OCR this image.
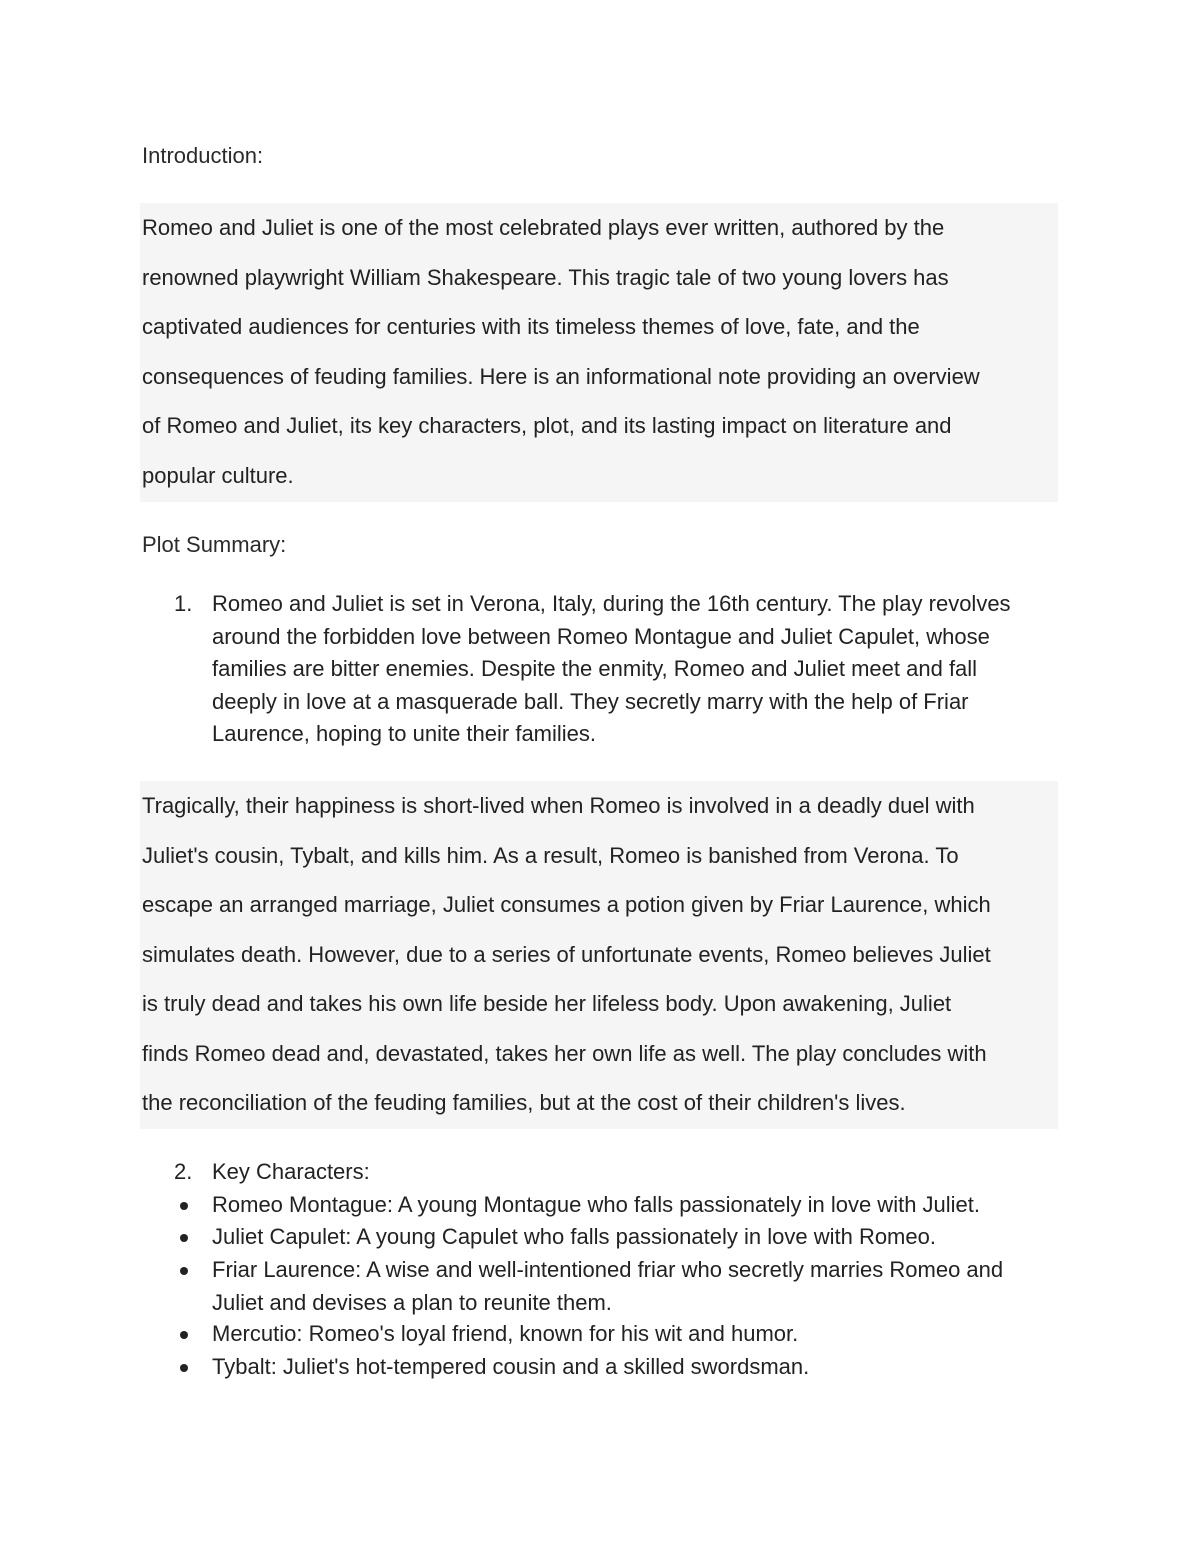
Introduction:

Romeo and Juliet is one of the most celebrated plays ever written, authored by the

renowned playwright William Shakespeare. This tragic tale of two young lovers has

captivated audiences for centuries with its timeless themes of love, fate, and the

consequences of feuding families. Here is an informational note providing an overview

of Romeo and Juliet, its key characters, plot, and its lasting impact on literature and

popular culture.

Plot Summary:
1. Romeo and Juliet is set in Verona, Italy, during the 16th century. The play revolves
around the forbidden love between Romeo Montague and Juliet Capulet, whose
families are bitter enemies. Despite the enmity, Romeo and Juliet meet and fall
deeply in love at a masquerade ball. They secretly marry with the help of Friar
Laurence, hoping to unite their families.

Tragically, their happiness is short-lived when Romeo is involved in a deadly duel with

Juliet's cousin, Tybalt, and kills him. As a result, Romeo is banished from Verona. To

escape an arranged marriage, Juliet consumes a potion given by Friar Laurence, which

simulates death. However, due to a series of unfortunate events, Romeo believes Juliet

is truly dead and takes his own life beside her lifeless body. Upon awakening, Juliet

finds Romeo dead and, devastated, takes her own life as well. The play concludes with

the reconciliation of the feuding families, but at the cost of their children's lives.

2. Key Characters:
Romeo Montague: A young Montague who falls passionately in love with Juliet.
Juliet Capulet: A young Capulet who falls passionately in love with Romeo.
Friar Laurence: A wise and well-intentioned friar who secretly marries Romeo and
Juliet and devises a plan to reunite them.
Mercutio: Romeo's loyal friend, known for his wit and humor.
Tybalt: Juliet's hot-tempered cousin and a skilled swordsman.
